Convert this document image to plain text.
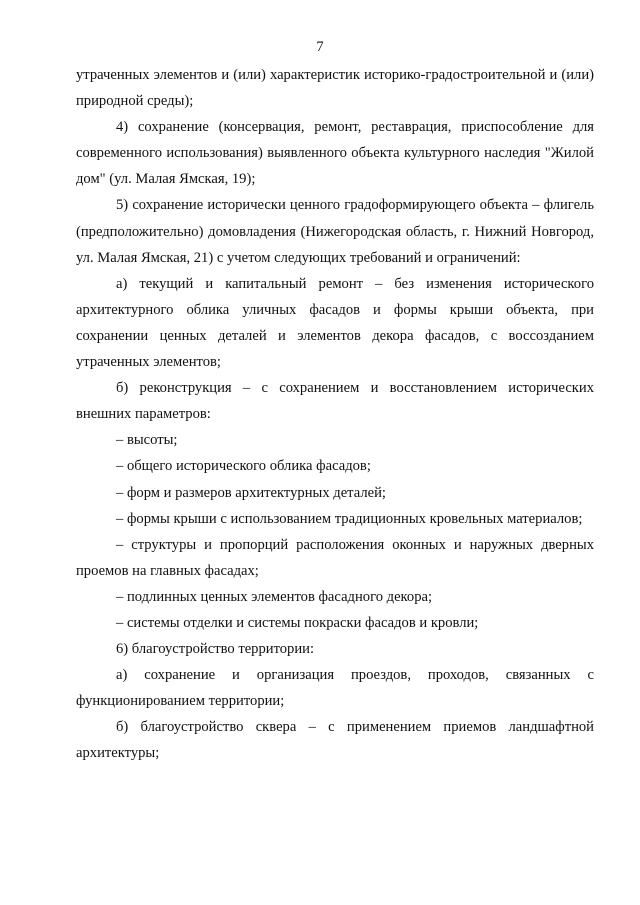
7

утраченных элементов и (или) характеристик историко-градостроительной и (или) природной среды);

4) сохранение (консервация, ремонт, реставрация, приспособление для современного использования) выявленного объекта культурного наследия "Жилой дом" (ул. Малая Ямская, 19);

5) сохранение исторически ценного градоформирующего объекта – флигель (предположительно) домовладения (Нижегородская область, г. Нижний Новгород, ул. Малая Ямская, 21) с учетом следующих требований и ограничений:

а) текущий и капитальный ремонт – без изменения исторического архитектурного облика уличных фасадов и формы крыши объекта, при сохранении ценных деталей и элементов декора фасадов, с воссозданием утраченных элементов;

б) реконструкция – с сохранением и восстановлением исторических внешних параметров:

– высоты;

– общего исторического облика фасадов;

– форм и размеров архитектурных деталей;

– формы крыши с использованием традиционных кровельных материалов;

– структуры и пропорций расположения оконных и наружных дверных проемов на главных фасадах;

– подлинных ценных элементов фасадного декора;

– системы отделки и системы покраски фасадов и кровли;

6) благоустройство территории:

а) сохранение и организация проездов, проходов, связанных с функционированием территории;

б) благоустройство сквера – с применением приемов ландшафтной архитектуры;
